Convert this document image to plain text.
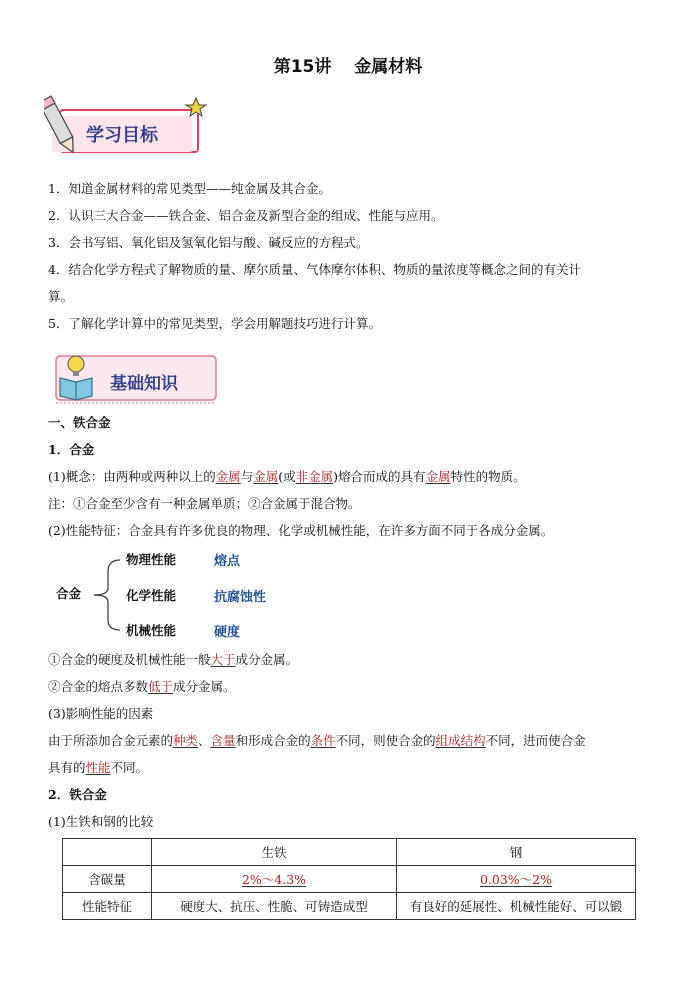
第15讲　 金属材料
学习目标
1．知道金属材料的常见类型——纯金属及其合金。
2．认识三大合金——铁合金、铝合金及新型合金的组成、性能与应用。
3．会书写铝、氧化铝及氢氧化铝与酸、碱反应的方程式。
4．结合化学方程式了解物质的量、摩尔质量、气体摩尔体积、物质的量浓度等概念之间的有关计
算。
5．了解化学计算中的常见类型，学会用解题技巧进行计算。
基础知识
一、铁合金
1．合金
(1)概念：由两种或两种以上的金属与金属(或非金属)熔合而成的具有金属特性的物质。
注：①合金至少含有一种金属单质；②合金属于混合物。
(2)性能特征：合金具有许多优良的物理、化学或机械性能，在许多方面不同于各成分金属。
合金
物理性能	熔点
化学性能	抗腐蚀性
机械性能	硬度
①合金的硬度及机械性能一般大于成分金属。
②合金的熔点多数低于成分金属。
(3)影响性能的因素
由于所添加合金元素的种类、含量和形成合金的条件不同，则使合金的组成结构不同，进而使合金
具有的性能不同。
2．铁合金
(1)生铁和钢的比较
	生铁	钢
含碳量	2%～4.3%	0.03%～2%
性能特征	硬度大、抗压、性脆、可铸造成型	有良好的延展性、机械性能好、可以锻
